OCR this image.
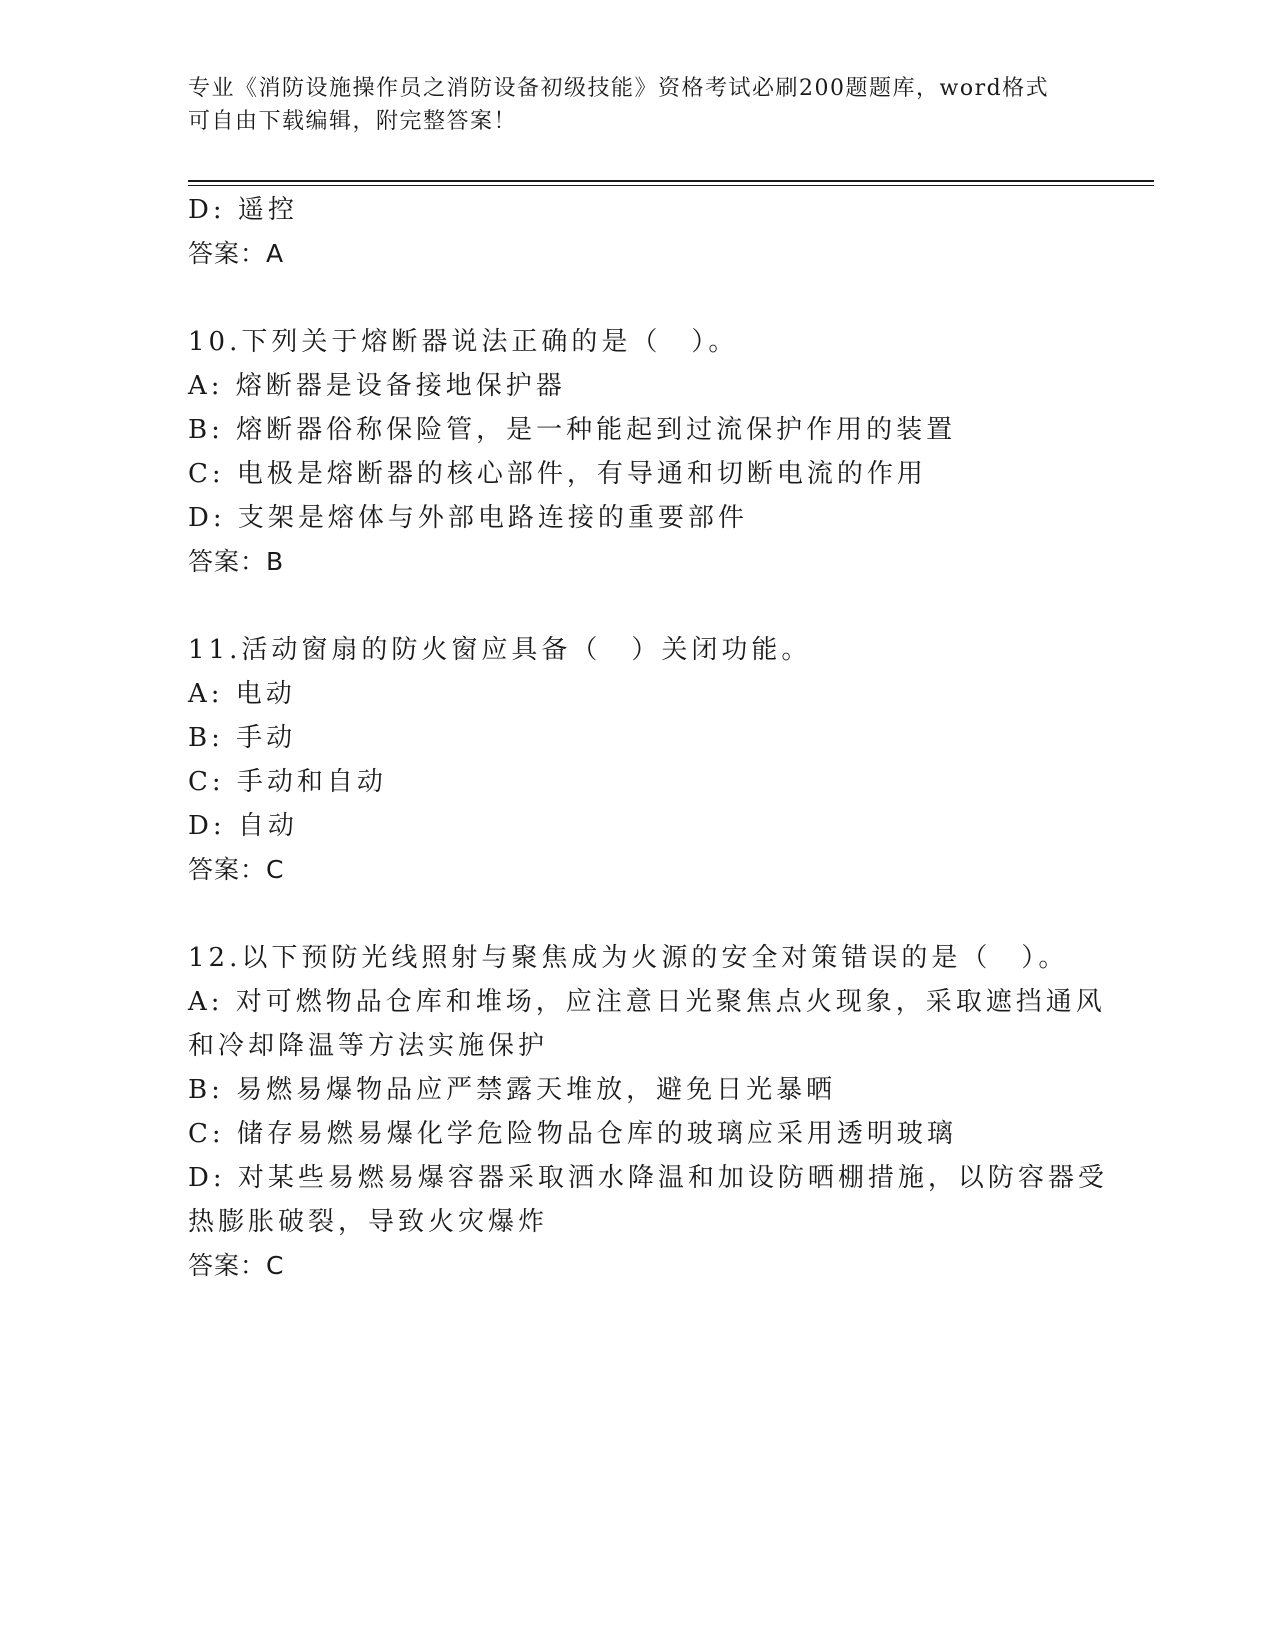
专业《消防设施操作员之消防设备初级技能》资格考试必刷200题题库，word格式可自由下载编辑，附完整答案！
D: 遥控
答案：A
10.下列关于熔断器说法正确的是（　）。
A: 熔断器是设备接地保护器
B: 熔断器俗称保险管，是一种能起到过流保护作用的装置
C: 电极是熔断器的核心部件，有导通和切断电流的作用
D: 支架是熔体与外部电路连接的重要部件
答案：B
11.活动窗扇的防火窗应具备（　）关闭功能。
A: 电动
B: 手动
C: 手动和自动
D: 自动
答案：C
12.以下预防光线照射与聚焦成为火源的安全对策错误的是（　）。
A: 对可燃物品仓库和堆场，应注意日光聚焦点火现象，采取遮挡通风
和冷却降温等方法实施保护
B: 易燃易爆物品应严禁露天堆放，避免日光暴晒
C: 储存易燃易爆化学危险物品仓库的玻璃应采用透明玻璃
D: 对某些易燃易爆容器采取洒水降温和加设防晒棚措施，以防容器受
热膨胀破裂，导致火灾爆炸
答案：C
